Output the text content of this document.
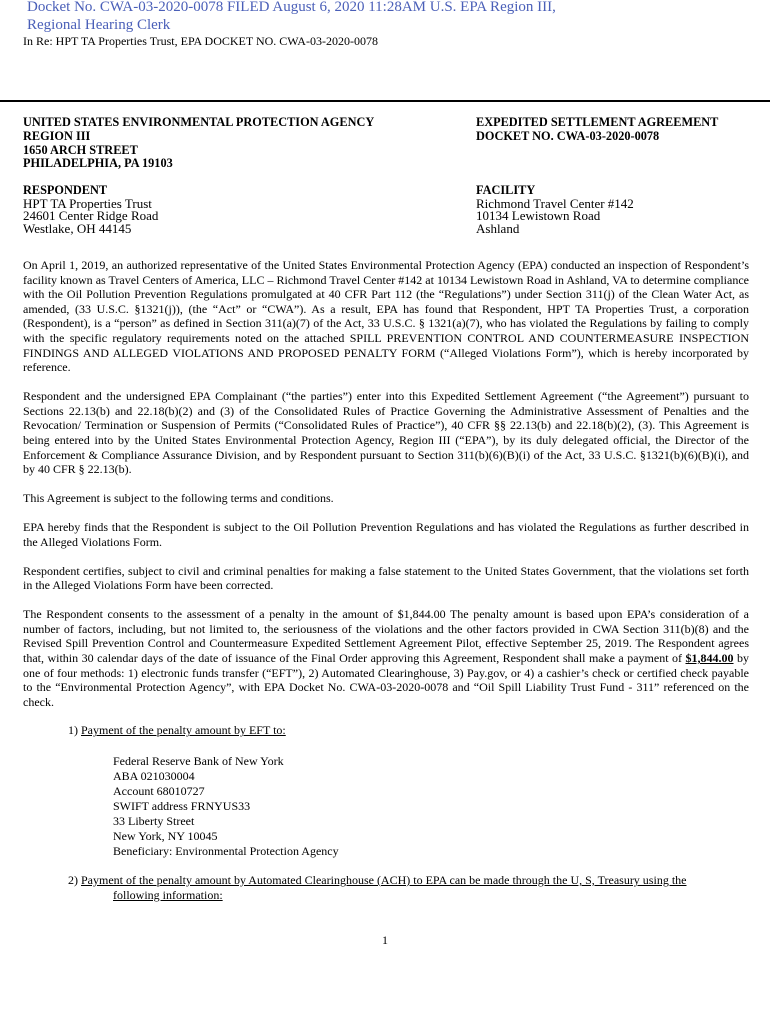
Docket No. CWA-03-2020-0078 FILED August 6, 2020 11:28AM U.S. EPA Region III,
Regional Hearing Clerk
In Re: HPT TA Properties Trust, EPA DOCKET NO. CWA-03-2020-0078
UNITED STATES ENVIRONMENTAL PROTECTION AGENCY
REGION III
1650 ARCH STREET
PHILADELPHIA, PA 19103
RESPONDENT
HPT TA Properties Trust
24601 Center Ridge Road
Westlake, OH 44145
EXPEDITED SETTLEMENT AGREEMENT
DOCKET NO. CWA-03-2020-0078
FACILITY
Richmond Travel Center #142
10134 Lewistown Road
Ashland

On April 1, 2019, an authorized representative of the United States Environmental Protection Agency (EPA) conducted an inspection of Respondent’s facility known as Travel Centers of America, LLC – Richmond Travel Center #142 at 10134 Lewistown Road in Ashland, VA to determine compliance with the Oil Pollution Prevention Regulations promulgated at 40 CFR Part 112 (the “Regulations”) under Section 311(j) of the Clean Water Act, as amended, (33 U.S.C. §1321(j)), (the “Act” or “CWA”). As a result, EPA has found that Respondent, HPT TA Properties Trust, a corporation (Respondent), is a “person” as defined in Section 311(a)(7) of the Act, 33 U.S.C. § 1321(a)(7), who has violated the Regulations by failing to comply with the specific regulatory requirements noted on the attached SPILL PREVENTION CONTROL AND COUNTERMEASURE INSPECTION FINDINGS AND ALLEGED VIOLATIONS AND PROPOSED PENALTY FORM (“Alleged Violations Form”), which is hereby incorporated by reference.

Respondent and the undersigned EPA Complainant (“the parties”) enter into this Expedited Settlement Agreement (“the Agreement”) pursuant to Sections 22.13(b) and 22.18(b)(2) and (3) of the Consolidated Rules of Practice Governing the Administrative Assessment of Penalties and the Revocation/ Termination or Suspension of Permits (“Consolidated Rules of Practice”), 40 CFR §§ 22.13(b) and 22.18(b)(2), (3). This Agreement is being entered into by the United States Environmental Protection Agency, Region III (“EPA”), by its duly delegated official, the Director of the Enforcement & Compliance Assurance Division, and by Respondent pursuant to Section 311(b)(6)(B)(i) of the Act, 33 U.S.C. §1321(b)(6)(B)(i), and by 40 CFR § 22.13(b).

This Agreement is subject to the following terms and conditions.

EPA hereby finds that the Respondent is subject to the Oil Pollution Prevention Regulations and has violated the Regulations as further described in the Alleged Violations Form.

Respondent certifies, subject to civil and criminal penalties for making a false statement to the United States Government, that the violations set forth in the Alleged Violations Form have been corrected.

The Respondent consents to the assessment of a penalty in the amount of $1,844.00 The penalty amount is based upon EPA’s consideration of a number of factors, including, but not limited to, the seriousness of the violations and the other factors provided in CWA Section 311(b)(8) and the Revised Spill Prevention Control and Countermeasure Expedited Settlement Agreement Pilot, effective September 25, 2019. The Respondent agrees that, within 30 calendar days of the date of issuance of the Final Order approving this Agreement, Respondent shall make a payment of $1,844.00 by one of four methods: 1) electronic funds transfer (“EFT”), 2) Automated Clearinghouse, 3) Pay.gov, or 4) a cashier’s check or certified check payable to the “Environmental Protection Agency”, with EPA Docket No. CWA-03-2020-0078 and “Oil Spill Liability Trust Fund - 311” referenced on the check.

1) Payment of the penalty amount by EFT to:
Federal Reserve Bank of New York
ABA 021030004
Account 68010727
SWIFT address FRNYUS33
33 Liberty Street
New York, NY 10045
Beneficiary: Environmental Protection Agency
2) Payment of the penalty amount by Automated Clearinghouse (ACH) to EPA can be made through the U, S, Treasury using the
following information:
1
